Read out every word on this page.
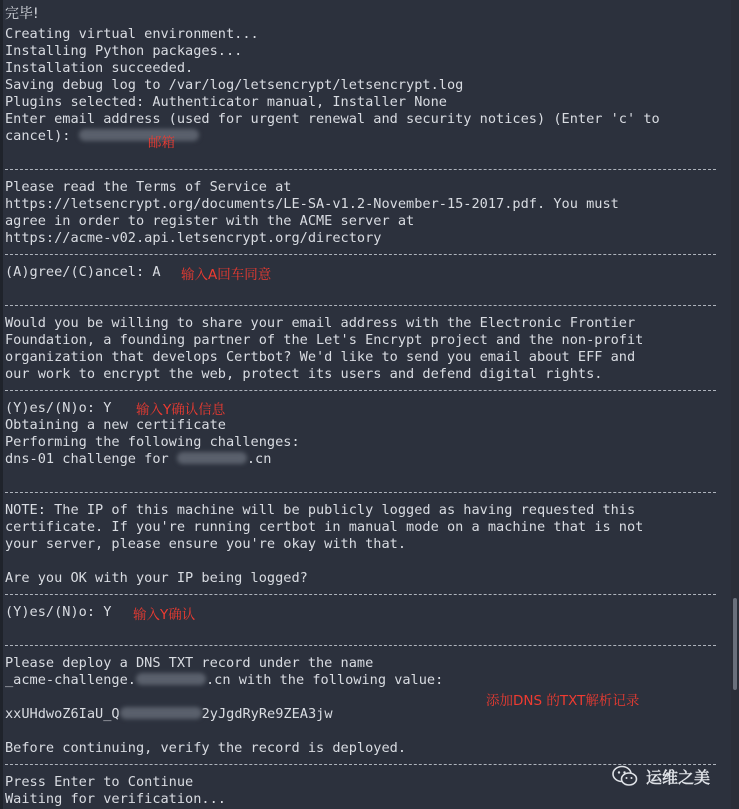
完毕!
Creating virtual environment...
Installing Python packages...
Installation succeeded.
Saving debug log to /var/log/letsencrypt/letsencrypt.log
Plugins selected: Authenticator manual, Installer None
Enter email address (used for urgent renewal and security notices) (Enter 'c' to
cancel):	邮箱
Please read the Terms of Service at
https://letsencrypt.org/documents/LE-SA-v1.2-November-15-2017.pdf. You must
agree in order to register with the ACME server at
https://acme-v02.api.letsencrypt.org/directory
(A)gree/(C)ancel: A 输入A回车同意
Would you be willing to share your email address with the Electronic Frontier
Foundation, a founding partner of the Let's Encrypt project and the non-profit
organization that develops Certbot? We'd like to send you email about EFF and
our work to encrypt the web, protect its users and defend digital rights.
(Y)es/(N)o: Y 输入Y确认信息
Obtaining a new certificate
Performing the following challenges:
dns-01 challenge for	.cn
NOTE: The IP of this machine will be publicly logged as having requested this
certificate. If you're running certbot in manual mode on a machine that is not
your server, please ensure you're okay with that.
Are you OK with your IP being logged?
(Y)es/(N)o: Y 输入Y确认
Please deploy a DNS TXT record under the name
_acme-challenge.	.cn with the following value:
添加DNS 的TXT解析记录
xxUHdwoZ6IaU_Q	2yJgdRyRe9ZEA3jw
Before continuing, verify the record is deployed.
Press Enter to Continue
Waiting for verification...
运维之美
